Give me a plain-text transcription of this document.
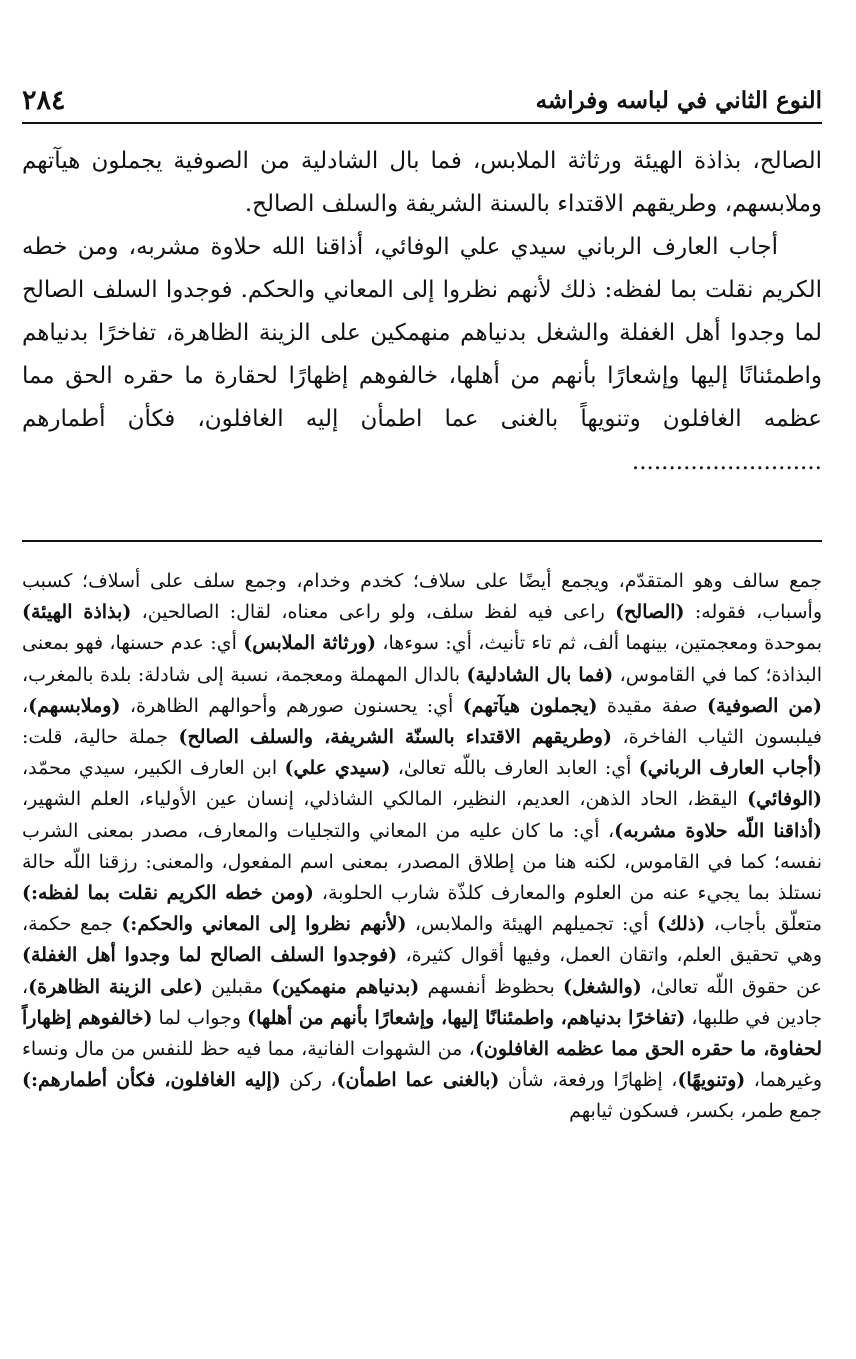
النوع الثاني في لباسه وفراشه
٢٨٤

الصالح، بذاذة الهيئة ورثاثة الملابس، فما بال الشادلية من الصوفية يجملون هيآتهم وملابسهم، وطريقهم الاقتداء بالسنة الشريفة والسلف الصالح.

أجاب العارف الرباني سيدي علي الوفائي، أذاقنا الله حلاوة مشربه، ومن خطه الكريم نقلت بما لفظه: ذلك لأنهم نظروا إلى المعاني والحكم. فوجدوا السلف الصالح لما وجدوا أهل الغفلة والشغل بدنياهم منهمكين على الزينة الظاهرة، تفاخرًا بدنياهم واطمئنانًا إليها وإشعارًا بأنهم من أهلها، خالفوهم إظهارًا لحقارة ما حقره الحق مما عظمه الغافلون وتنويهاً بالغنى عما اطمأن إليه الغافلون، فكأن أطمارهم ..........................

جمع سالف وهو المتقدّم، ويجمع أيضًا على سلاف؛ كخدم وخدام، وجمع سلف على أسلاف؛ كسبب وأسباب، فقوله: (الصالح) راعى فيه لفظ سلف، ولو راعى معناه، لقال: الصالحين، (بذاذة الهيئة) بموحدة ومعجمتين، بينهما ألف، ثم تاء تأنيث، أي: سوءها، (ورثاثة الملابس) أي: عدم حسنها، فهو بمعنى البذاذة؛ كما في القاموس، (فما بال الشادلية) بالدال المهملة ومعجمة، نسبة إلى شادلة: بلدة بالمغرب، (من الصوفية) صفة مقيدة (يجملون هيآتهم) أي: يحسنون صورهم وأحوالهم الظاهرة، (وملابسهم)، فيلبسون الثياب الفاخرة، (وطريقهم الاقتداء بالسنّة الشريفة، والسلف الصالح) جملة حالية، قلت: (أجاب العارف الرباني) أي: العابد العارف باللّه تعالىٰ، (سيدي علي) ابن العارف الكبير، سيدي محمّد، (الوفائي) اليقظ، الحاد الذهن، العديم، النظير، المالكي الشاذلي، إنسان عين الأولياء، العلم الشهير، (أذاقنا اللّه حلاوة مشربه)، أي: ما كان عليه من المعاني والتجليات والمعارف، مصدر بمعنى الشرب نفسه؛ كما في القاموس، لكنه هنا من إطلاق المصدر، بمعنى اسم المفعول، والمعنى: رزقنا اللّه حالة نستلذ بما يجيء عنه من العلوم والمعارف كلذّة شارب الحلوبة، (ومن خطه الكريم نقلت بما لفظه:) متعلّق بأجاب، (ذلك) أي: تجميلهم الهيئة والملابس، (لأنهم نظروا إلى المعاني والحكم:) جمع حكمة، وهي تحقيق العلم، واتقان العمل، وفيها أقوال كثيرة، (فوجدوا السلف الصالح لما وجدوا أهل الغفلة) عن حقوق اللّه تعالىٰ، (والشغل) بحظوظ أنفسهم (بدنياهم منهمكين) مقبلين (على الزينة الظاهرة)، جادين في طلبها، (تفاخرًا بدنياهم، واطمئنانًا إليها، وإشعارًا بأنهم من أهلها) وجواب لما (خالفوهم إظهاراً لحفاوة، ما حقره الحق مما عظمه الغافلون)، من الشهوات الفانية، مما فيه حظ للنفس من مال ونساء وغيرهما، (وتنويهًا)، إظهارًا ورفعة، شأن (بالغنى عما اطمأن)، ركن (إليه الغافلون، فكأن أطمارهم:) جمع طمر، بكسر، فسكون ثيابهم
